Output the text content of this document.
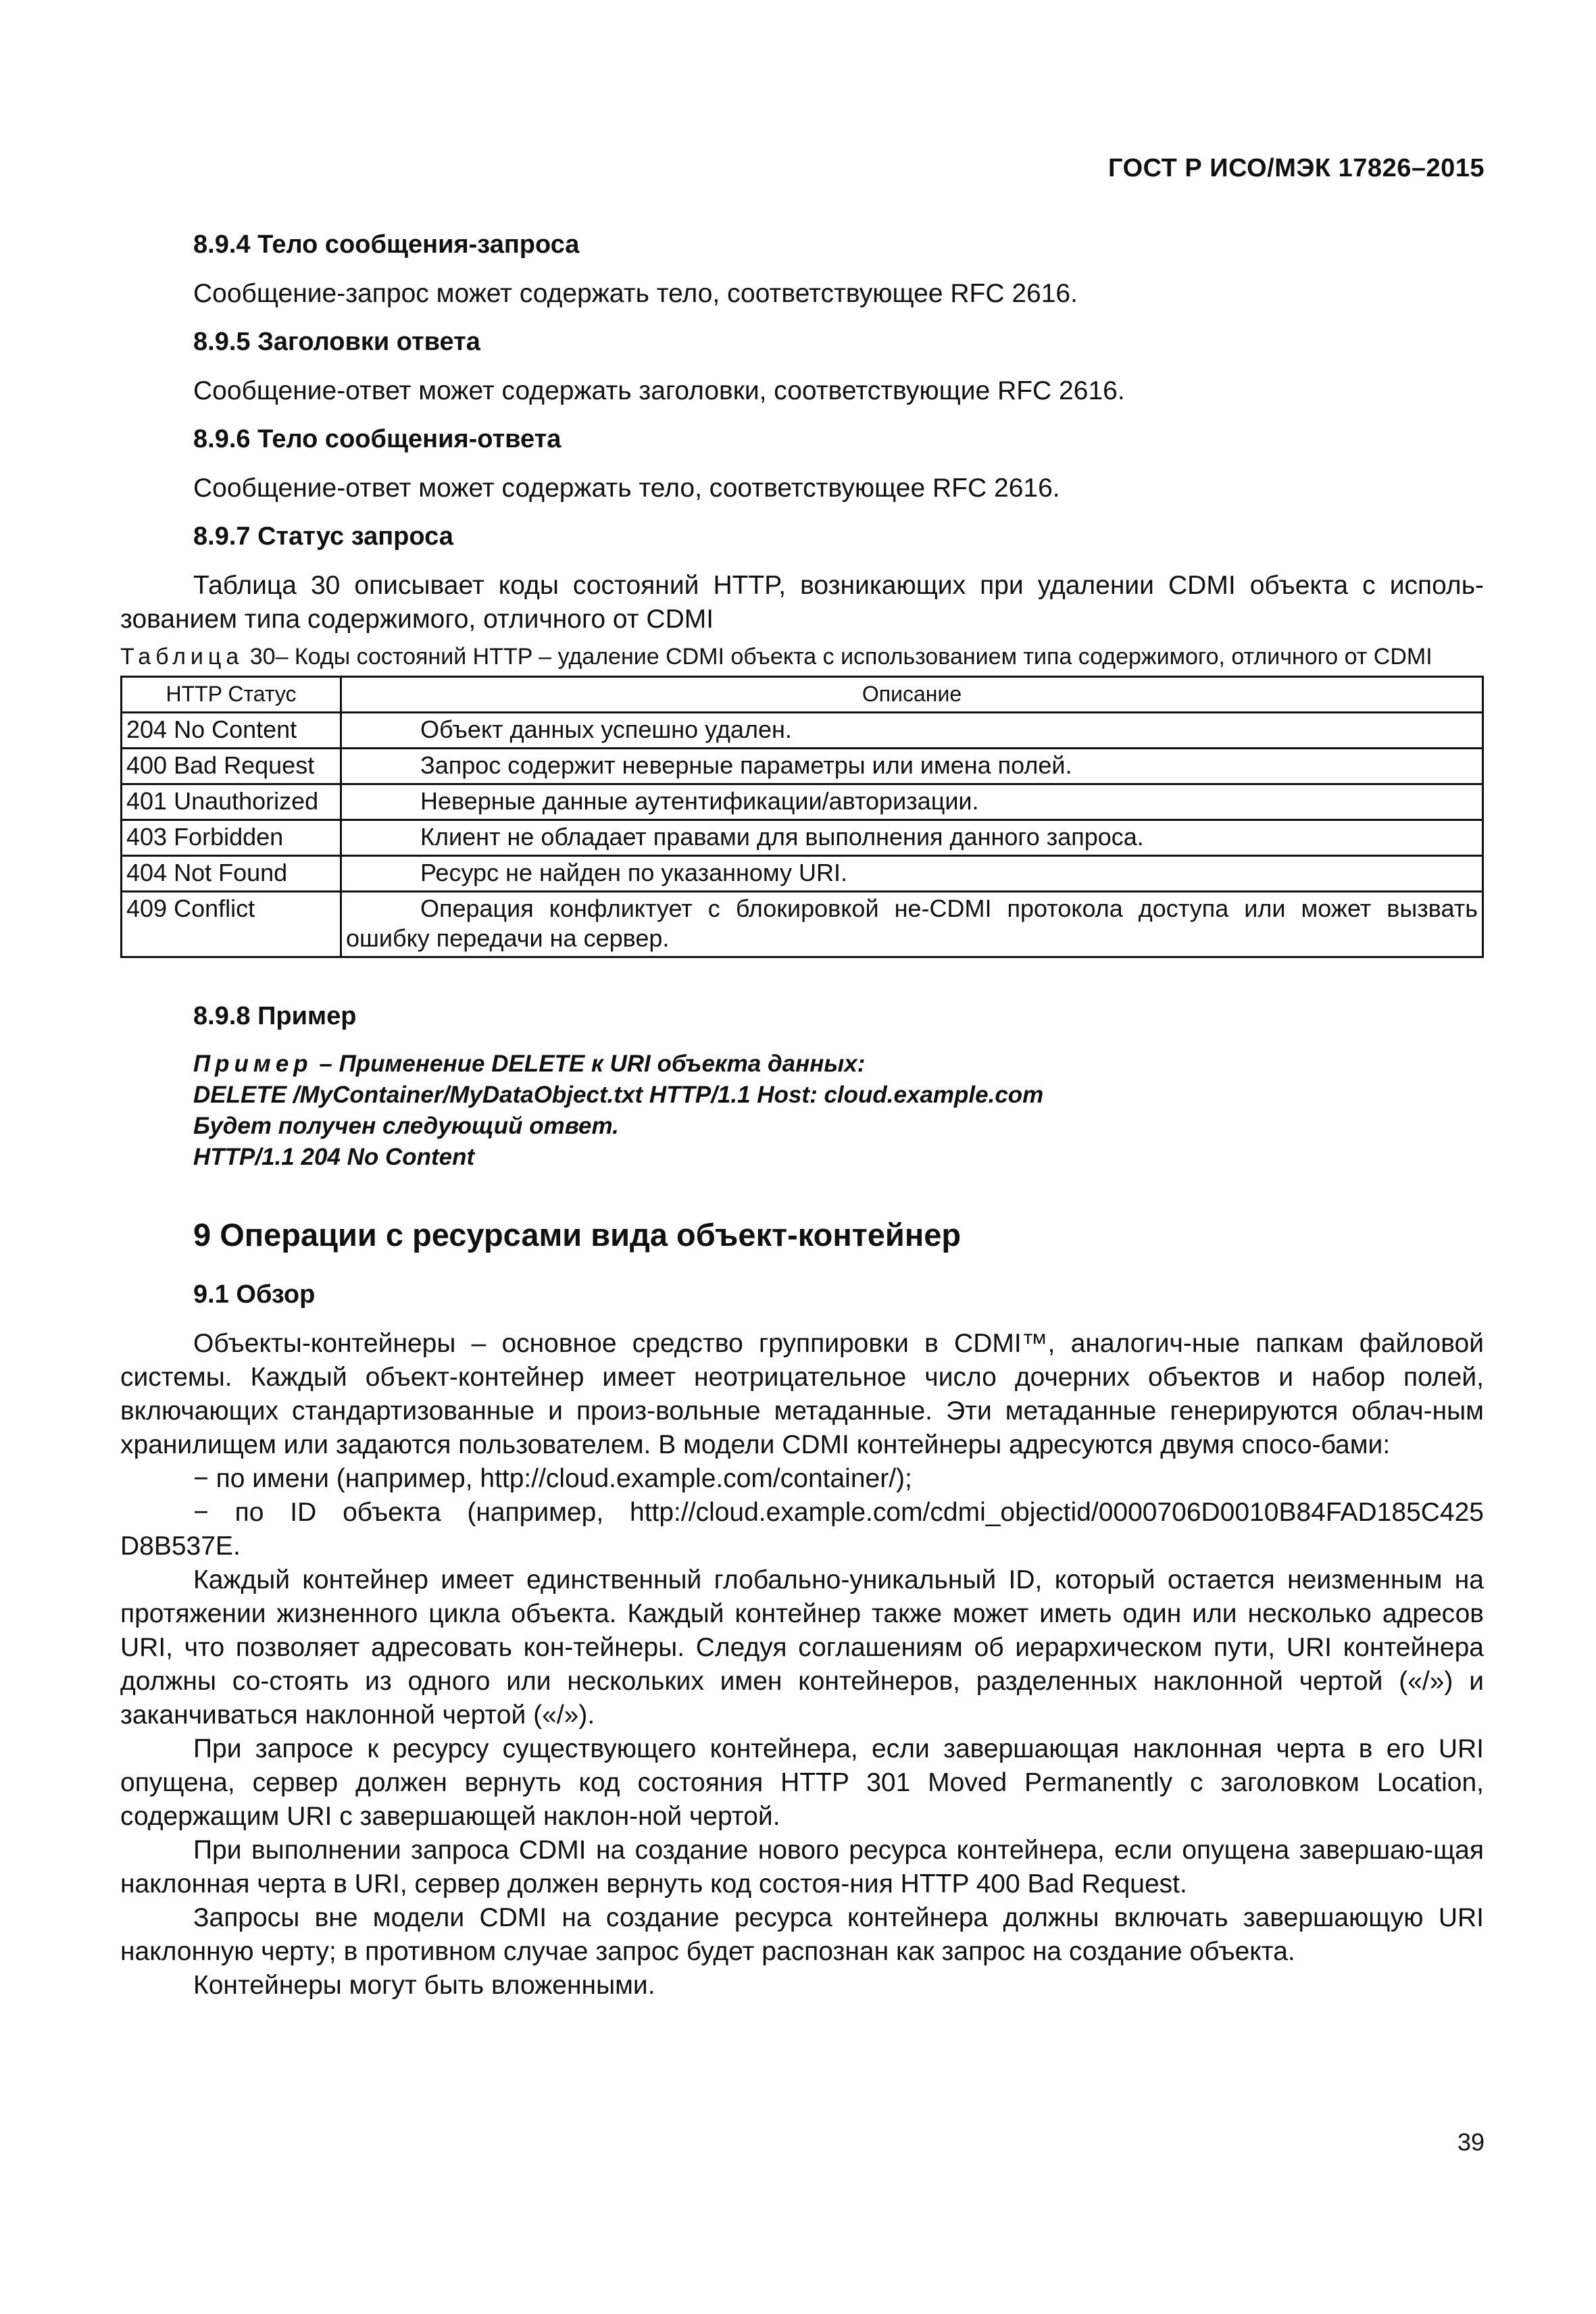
ГОСТ Р ИСО/МЭК 17826–2015
8.9.4 Тело сообщения-запроса

Сообщение-запрос может содержать тело, соответствующее RFC 2616.

8.9.5 Заголовки ответа

Сообщение-ответ может содержать заголовки, соответствующие RFC 2616.

8.9.6 Тело сообщения-ответа

Сообщение-ответ может содержать тело, соответствующее RFC 2616.

8.9.7 Статус запроса

Таблица 30 описывает коды состояний HTTP, возникающих при удалении CDMI объекта с исполь-зованием типа содержимого, отличного от CDMI

Таблица 30– Коды состояний HTTP – удаление CDMI объекта с использованием типа содержимого, отличного от CDMI
HTTP Статус	Описание
204 No Content	Объект данных успешно удален.
400 Bad Request	Запрос содержит неверные параметры или имена полей.
401 Unauthorized	Неверные данные аутентификации/авторизации.
403 Forbidden	Клиент не обладает правами для выполнения данного запроса.
404 Not Found	Ресурс не найден по указанному URI.
409 Conflict	Операция конфликтует с блокировкой не-CDMI протокола доступа или может вызвать ошибку передачи на сервер.
8.9.8 Пример
Пример – Применение DELETE к URI объекта данных:
DELETE /MyContainer/MyDataObject.txt HTTP/1.1 Host: cloud.example.com
Будет получен следующий ответ.
HTTP/1.1 204 No Content
9 Операции с ресурсами вида объект-контейнер
9.1 Обзор

Объекты-контейнеры – основное средство группировки в CDMI™, аналогич-ные папкам файловой системы. Каждый объект-контейнер имеет неотрицательное число дочерних объектов и набор полей, включающих стандартизованные и произ-вольные метаданные. Эти метаданные генерируются облач-ным хранилищем или задаются пользователем. В модели CDMI контейнеры адресуются двумя спосо-бами:

− по имени (например, http://cloud.example.com/container/);

− по ID объекта (например, http://cloud.example.com/cdmi_objectid/0000706D0010B84FAD185C425 D8B537E.

Каждый контейнер имеет единственный глобально-уникальный ID, который остается неизменным на протяжении жизненного цикла объекта. Каждый контейнер также может иметь один или несколько адресов URI, что позволяет адресовать кон-тейнеры. Следуя соглашениям об иерархическом пути, URI контейнера должны со-стоять из одного или нескольких имен контейнеров, разделенных наклонной чертой («/») и заканчиваться наклонной чертой («/»).

При запросе к ресурсу существующего контейнера, если завершающая наклонная черта в его URI опущена, сервер должен вернуть код состояния HTTP 301 Moved Permanently с заголовком Location, содержащим URI с завершающей наклон-ной чертой.

При выполнении запроса CDMI на создание нового ресурса контейнера, если опущена завершаю-щая наклонная черта в URI, сервер должен вернуть код состоя-ния HTTP 400 Bad Request.

Запросы вне модели CDMI на создание ресурса контейнера должны включать завершающую URI наклонную черту; в противном случае запрос будет распознан как запрос на создание объекта.

Контейнеры могут быть вложенными.

39
